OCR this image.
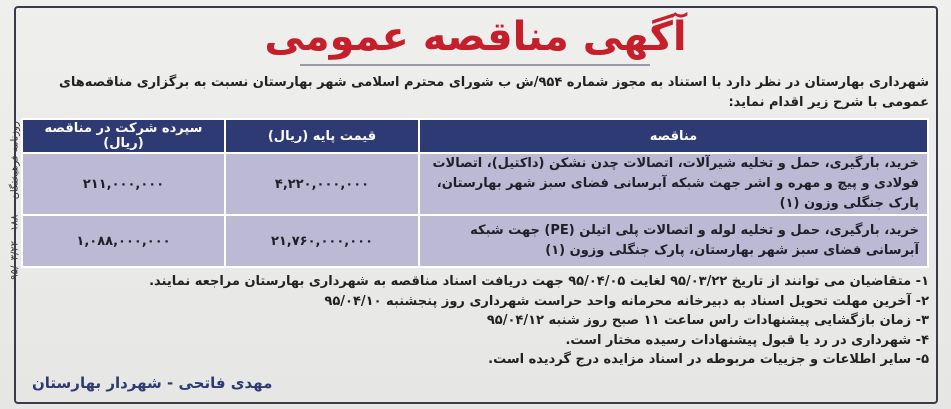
روزنامه فرهیختگان - ۱۸۸۰ - ۹۵/۰۳/۲۲
آگهی مناقصه عمومی
شهرداری بهارستان در نظر دارد با استناد به مجوز شماره ۹۵۴/ش ب شورای محترم اسلامی شهر بهارستان نسبت به برگزاری مناقصه‌های عمومی با شرح زیر اقدام نماید:
مناقصه	قیمت پایه (ریال)	سپرده شرکت در مناقصه (ریال)
خرید، بارگیری، حمل و تخلیه شیرآلات، اتصالات چدن نشکن (داکتیل)، اتصالات فولادی و پیچ و مهره و اشر جهت شبکه آبرسانی فضای سبز شهر بهارستان، پارک جنگلی وزون (۱)	۴,۲۲۰,۰۰۰,۰۰۰	۲۱۱,۰۰۰,۰۰۰
خرید، بارگیری، حمل و تخلیه لوله و اتصالات پلی اتیلن (PE) جهت شبکه آبرسانی فضای سبز شهر بهارستان، پارک جنگلی وزون (۱)	۲۱,۷۶۰,۰۰۰,۰۰۰	۱,۰۸۸,۰۰۰,۰۰۰
۱- متقاضیان می توانند از تاریخ ۹۵/۰۳/۲۲ لغایت ۹۵/۰۴/۰۵ جهت دریافت اسناد مناقصه به شهرداری بهارستان مراجعه نمایند.
۲- آخرین مهلت تحویل اسناد به دبیرخانه محرمانه واحد حراست شهرداری روز پنجشنبه ۹۵/۰۴/۱۰
۳- زمان بازگشایی پیشنهادات راس ساعت ۱۱ صبح روز شنبه ۹۵/۰۴/۱۲
۴- شهرداری در رد یا قبول پیشنهادات رسیده مختار است.
۵- سایر اطلاعات و جزییات مربوطه در اسناد مزایده درج گردیده است.
مهدی فاتحی - شهردار بهارستان
